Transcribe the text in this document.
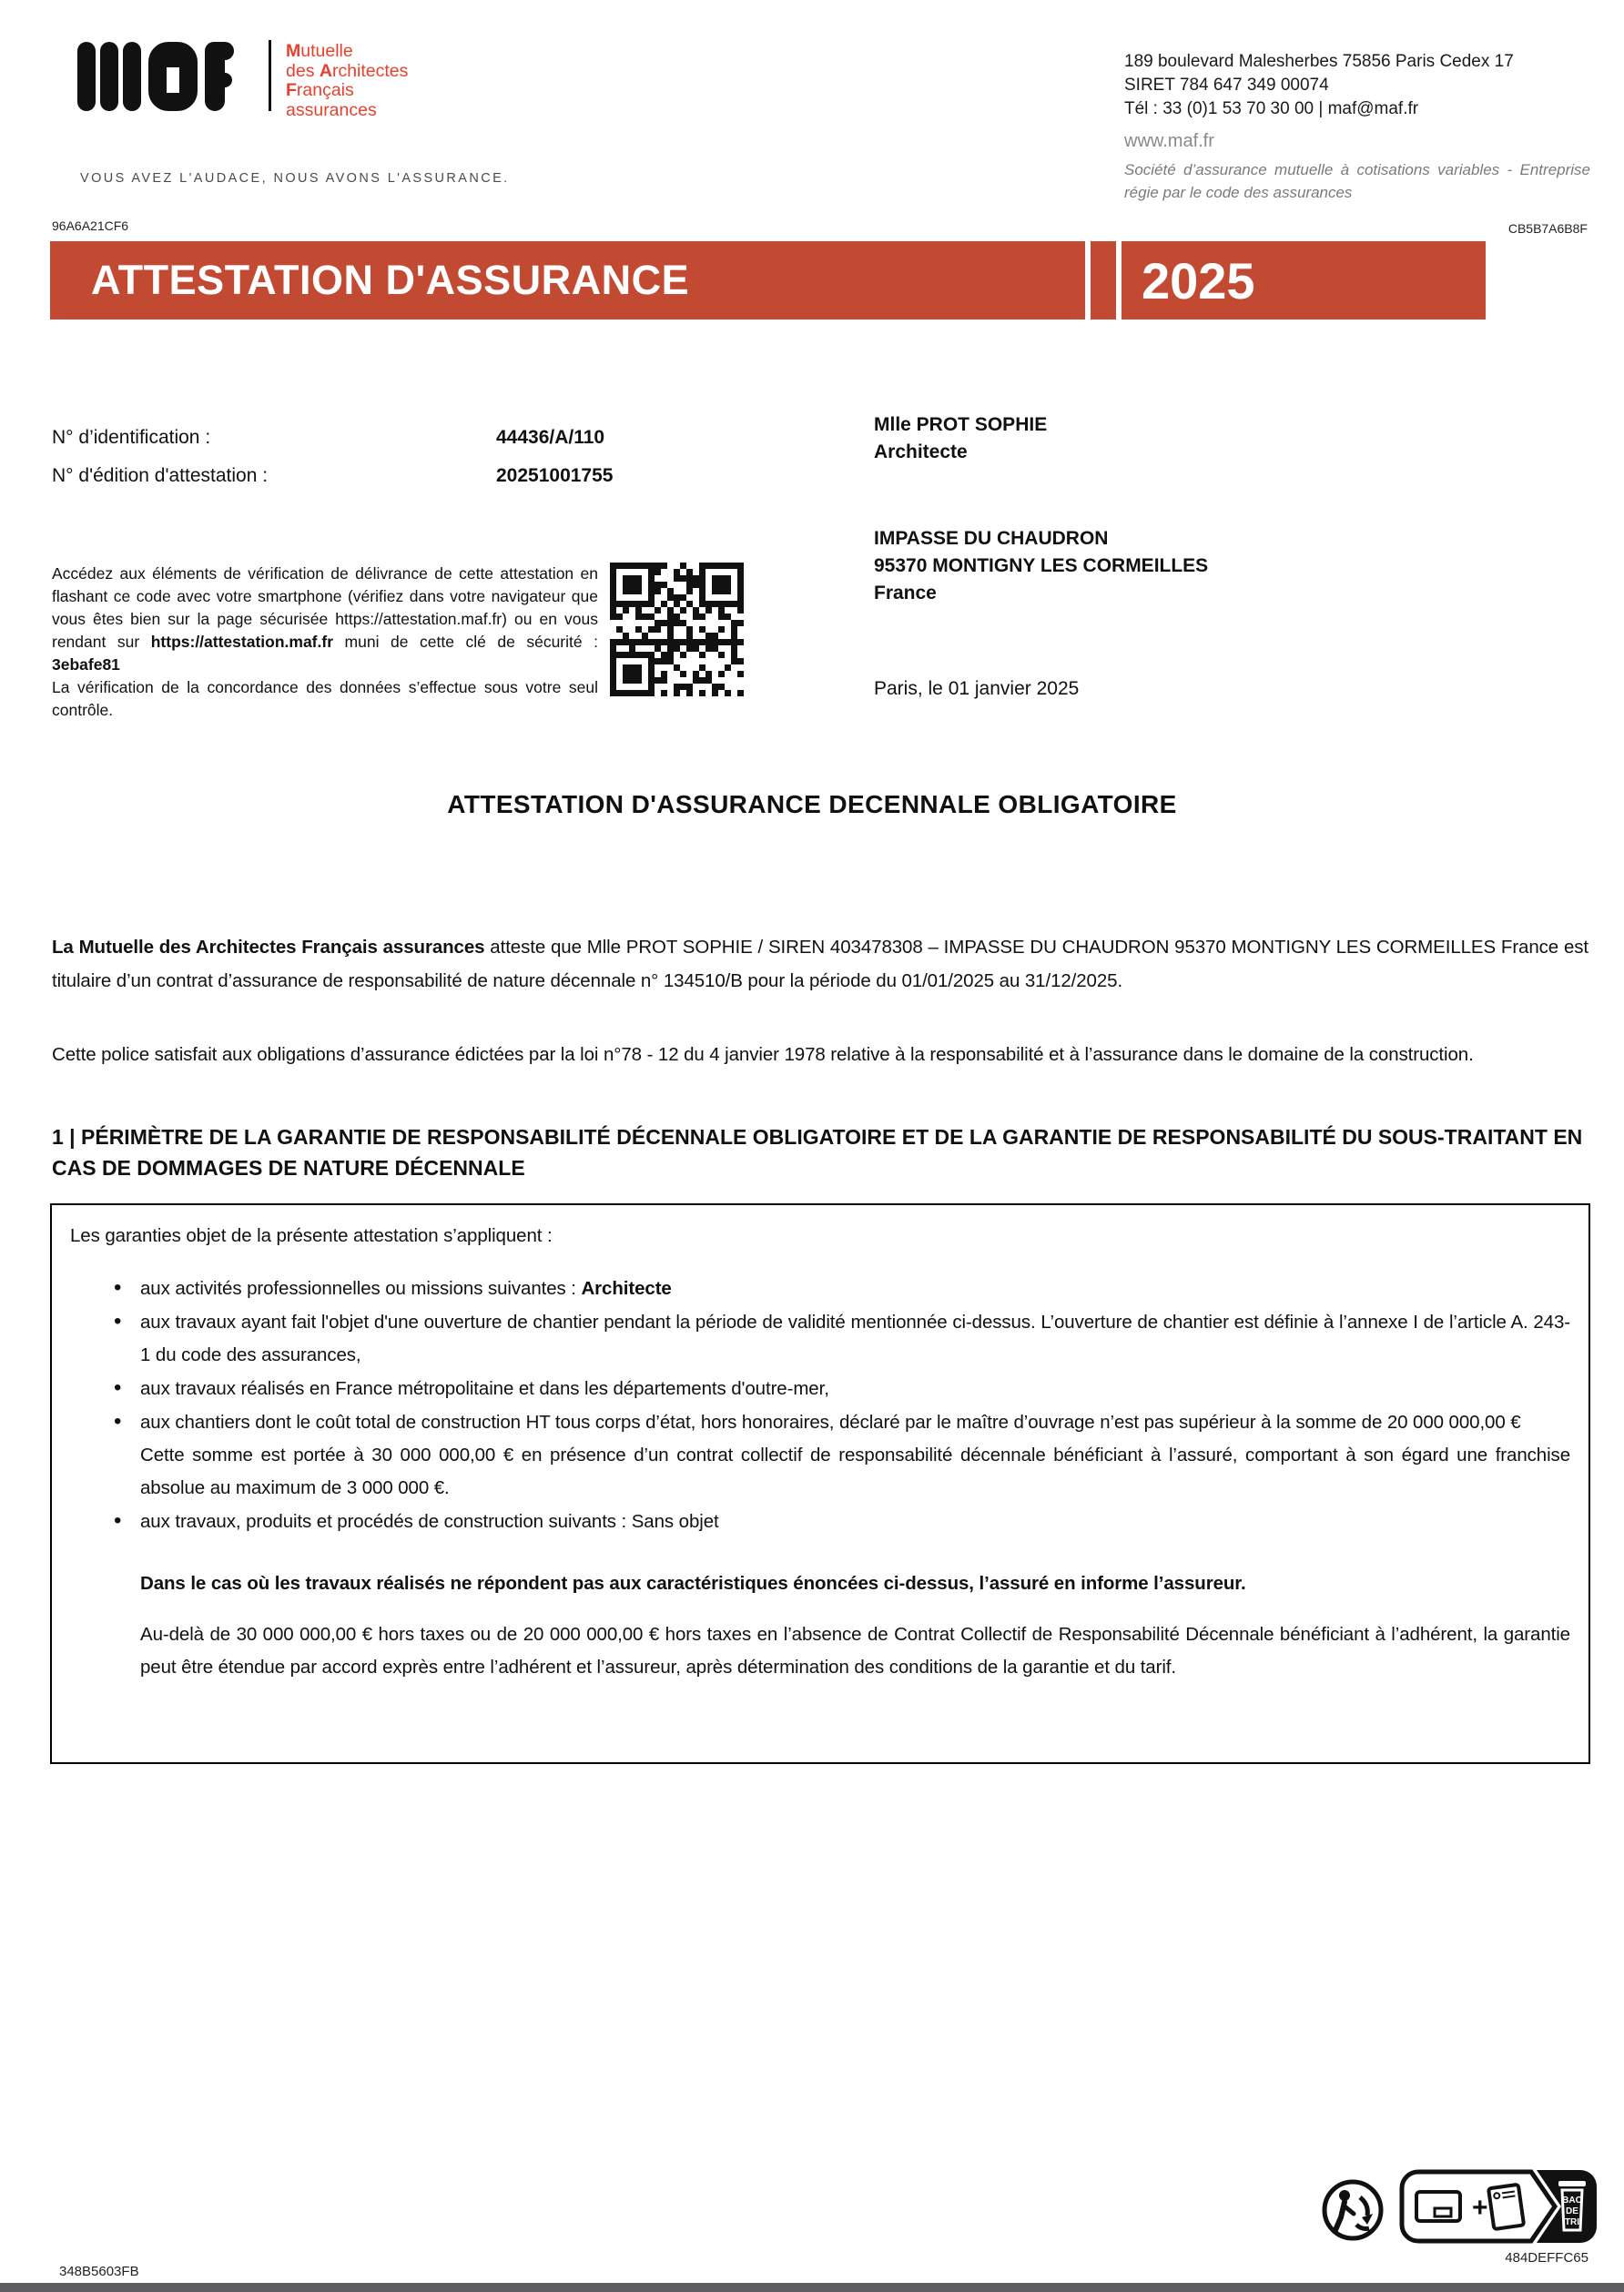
Mutuelle
des Architectes
Français
assurances
VOUS AVEZ L'AUDACE, NOUS AVONS L'ASSURANCE.
189 boulevard Malesherbes 75856 Paris Cedex 17
SIRET 784 647 349 00074
Tél : 33 (0)1 53 70 30 00 | maf@maf.fr
www.maf.fr
Société d’assurance mutuelle à cotisations variables - Entreprise régie par le code des assurances
96A6A21CF6	CB5B7A6B8F
ATTESTATION D'ASSURANCE	2025
N° d’identification :	44436/A/110
N° d'édition d'attestation :	20251001755
Mlle PROT SOPHIE
Architecte
IMPASSE DU CHAUDRON
95370 MONTIGNY LES CORMEILLES
France
Paris, le 01 janvier 2025
Accédez aux éléments de vérification de délivrance de cette attestation en flashant ce code avec votre smartphone (vérifiez dans votre navigateur que vous êtes bien sur la page sécurisée https://attestation.maf.fr) ou en vous rendant sur https://attestation.maf.fr muni de cette clé de sécurité : 3ebafe81
La vérification de la concordance des données s’effectue sous votre seul contrôle.
ATTESTATION D'ASSURANCE DECENNALE OBLIGATOIRE
La Mutuelle des Architectes Français assurances atteste que Mlle PROT SOPHIE / SIREN 403478308 – IMPASSE DU CHAUDRON 95370 MONTIGNY LES CORMEILLES France est titulaire d’un contrat d’assurance de responsabilité de nature décennale n° 134510/B pour la période du 01/01/2025 au 31/12/2025.
Cette police satisfait aux obligations d’assurance édictées par la loi n°78 - 12 du 4 janvier 1978 relative à la responsabilité et à l’assurance dans le domaine de la construction.
1 | PÉRIMÈTRE DE LA GARANTIE DE RESPONSABILITÉ DÉCENNALE OBLIGATOIRE ET DE LA GARANTIE DE RESPONSABILITÉ DU SOUS-TRAITANT EN CAS DE DOMMAGES DE NATURE DÉCENNALE
Les garanties objet de la présente attestation s’appliquent :
• aux activités professionnelles ou missions suivantes : Architecte
• aux travaux ayant fait l'objet d'une ouverture de chantier pendant la période de validité mentionnée ci-dessus. L’ouverture de chantier est définie à l’annexe I de l’article A. 243-1 du code des assurances,
• aux travaux réalisés en France métropolitaine et dans les départements d'outre-mer,
• aux chantiers dont le coût total de construction HT tous corps d’état, hors honoraires, déclaré par le maître d’ouvrage n’est pas supérieur à la somme de 20 000 000,00 €
Cette somme est portée à 30 000 000,00 € en présence d’un contrat collectif de responsabilité décennale bénéficiant à l’assuré, comportant à son égard une franchise absolue au maximum de 3 000 000 €.
• aux travaux, produits et procédés de construction suivants : Sans objet
Dans le cas où les travaux réalisés ne répondent pas aux caractéristiques énoncées ci-dessus, l’assuré en informe l’assureur.
Au-delà de 30 000 000,00 € hors taxes ou de 20 000 000,00 € hors taxes en l’absence de Contrat Collectif de Responsabilité Décennale bénéficiant à l’adhérent, la garantie peut être étendue par accord exprès entre l’adhérent et l’assureur, après détermination des conditions de la garantie et du tarif.
+	BAC
DE
TRI
348B5603FB
484DEFFC65
